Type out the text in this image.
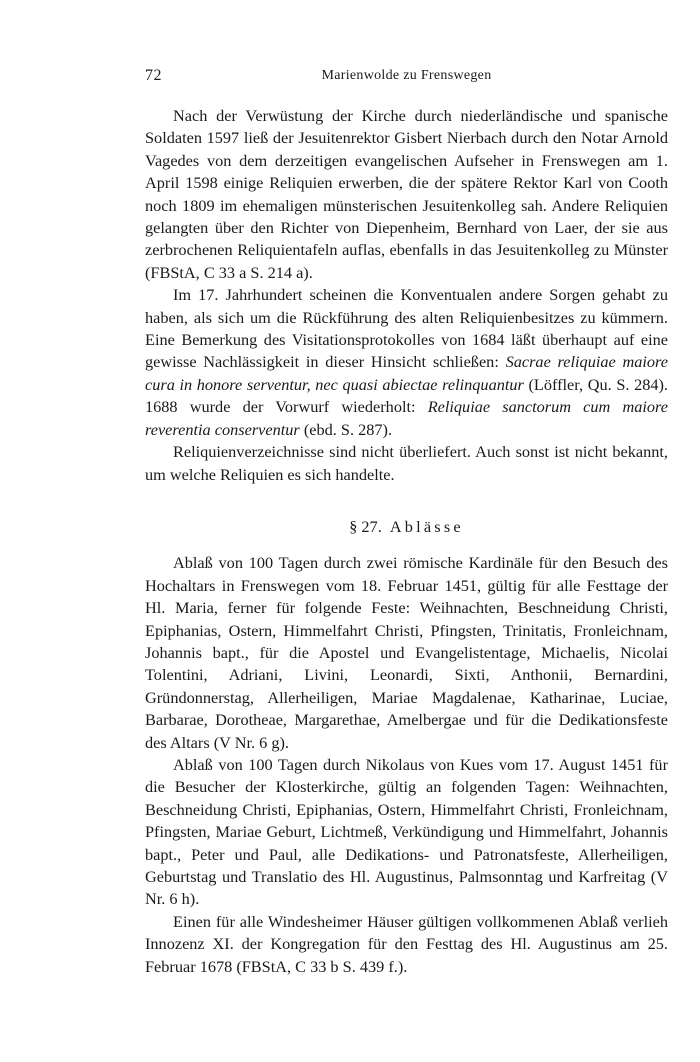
72	Marienwolde zu Frenswegen

Nach der Verwüstung der Kirche durch niederländische und spanische Soldaten 1597 ließ der Jesuitenrektor Gisbert Nierbach durch den Notar Arnold Vagedes von dem derzeitigen evangelischen Aufseher in Frenswegen am 1. April 1598 einige Reliquien erwerben, die der spätere Rektor Karl von Cooth noch 1809 im ehemaligen münsterischen Jesuitenkolleg sah. Andere Reliquien gelangten über den Richter von Diepenheim, Bernhard von Laer, der sie aus zerbrochenen Reliquientafeln auflas, ebenfalls in das Jesuitenkolleg zu Münster (FBStA, C 33 a S. 214 a).

Im 17. Jahrhundert scheinen die Konventualen andere Sorgen gehabt zu haben, als sich um die Rückführung des alten Reliquienbesitzes zu kümmern. Eine Bemerkung des Visitationsprotokolles von 1684 läßt überhaupt auf eine gewisse Nachlässigkeit in dieser Hinsicht schließen: Sacrae reliquiae maiore cura in honore serventur, nec quasi abiectae relinquantur (Löffler, Qu. S. 284). 1688 wurde der Vorwurf wiederholt: Reliquiae sanctorum cum maiore reverentia conserventur (ebd. S. 287).

Reliquienverzeichnisse sind nicht überliefert. Auch sonst ist nicht bekannt, um welche Reliquien es sich handelte.

§ 27. Ablässe

Ablaß von 100 Tagen durch zwei römische Kardinäle für den Besuch des Hochaltars in Frenswegen vom 18. Februar 1451, gültig für alle Festtage der Hl. Maria, ferner für folgende Feste: Weihnachten, Beschneidung Christi, Epiphanias, Ostern, Himmelfahrt Christi, Pfingsten, Trinitatis, Fronleichnam, Johannis bapt., für die Apostel und Evangelistentage, Michaelis, Nicolai Tolentini, Adriani, Livini, Leonardi, Sixti, Anthonii, Bernardini, Gründonnerstag, Allerheiligen, Mariae Magdalenae, Katharinae, Luciae, Barbarae, Dorotheae, Margarethae, Amelbergae und für die Dedikationsfeste des Altars (V Nr. 6 g).

Ablaß von 100 Tagen durch Nikolaus von Kues vom 17. August 1451 für die Besucher der Klosterkirche, gültig an folgenden Tagen: Weihnachten, Beschneidung Christi, Epiphanias, Ostern, Himmelfahrt Christi, Fronleichnam, Pfingsten, Mariae Geburt, Lichtmeß, Verkündigung und Himmelfahrt, Johannis bapt., Peter und Paul, alle Dedikations- und Patronatsfeste, Allerheiligen, Geburtstag und Translatio des Hl. Augustinus, Palmsonntag und Karfreitag (V Nr. 6 h).

Einen für alle Windesheimer Häuser gültigen vollkommenen Ablaß verlieh Innozenz XI. der Kongregation für den Festtag des Hl. Augustinus am 25. Februar 1678 (FBStA, C 33 b S. 439 f.).
